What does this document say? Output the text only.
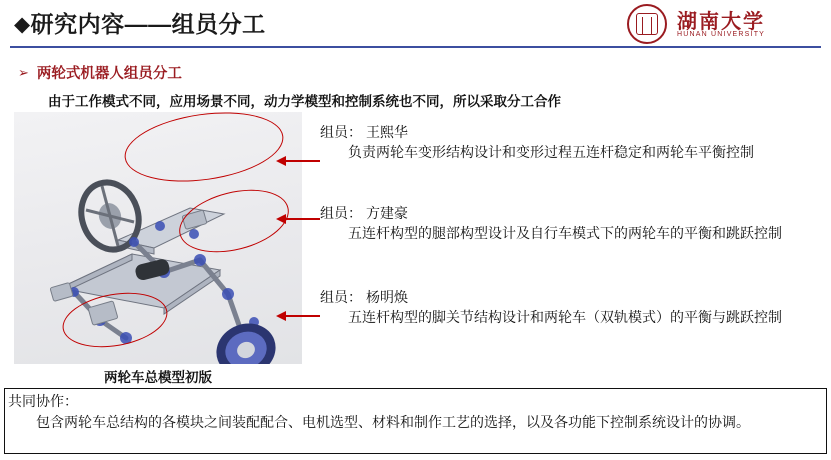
◆研究内容——组员分工	湖南大学
HUNAN UNIVERSITY
➢ 两轮式机器人组员分工
由于工作模式不同，应用场景不同，动力学模型和控制系统也不同，所以采取分工合作
两轮车总模型初版
组员： 王熙华
负责两轮车变形结构设计和变形过程五连杆稳定和两轮车平衡控制
组员： 方建豪
五连杆构型的腿部构型设计及自行车模式下的两轮车的平衡和跳跃控制
组员： 杨明焕
五连杆构型的脚关节结构设计和两轮车（双轨模式）的平衡与跳跃控制
共同协作：
包含两轮车总结构的各模块之间装配配合、电机选型、材料和制作工艺的选择，以及各功能下控制系统设计的协调。
